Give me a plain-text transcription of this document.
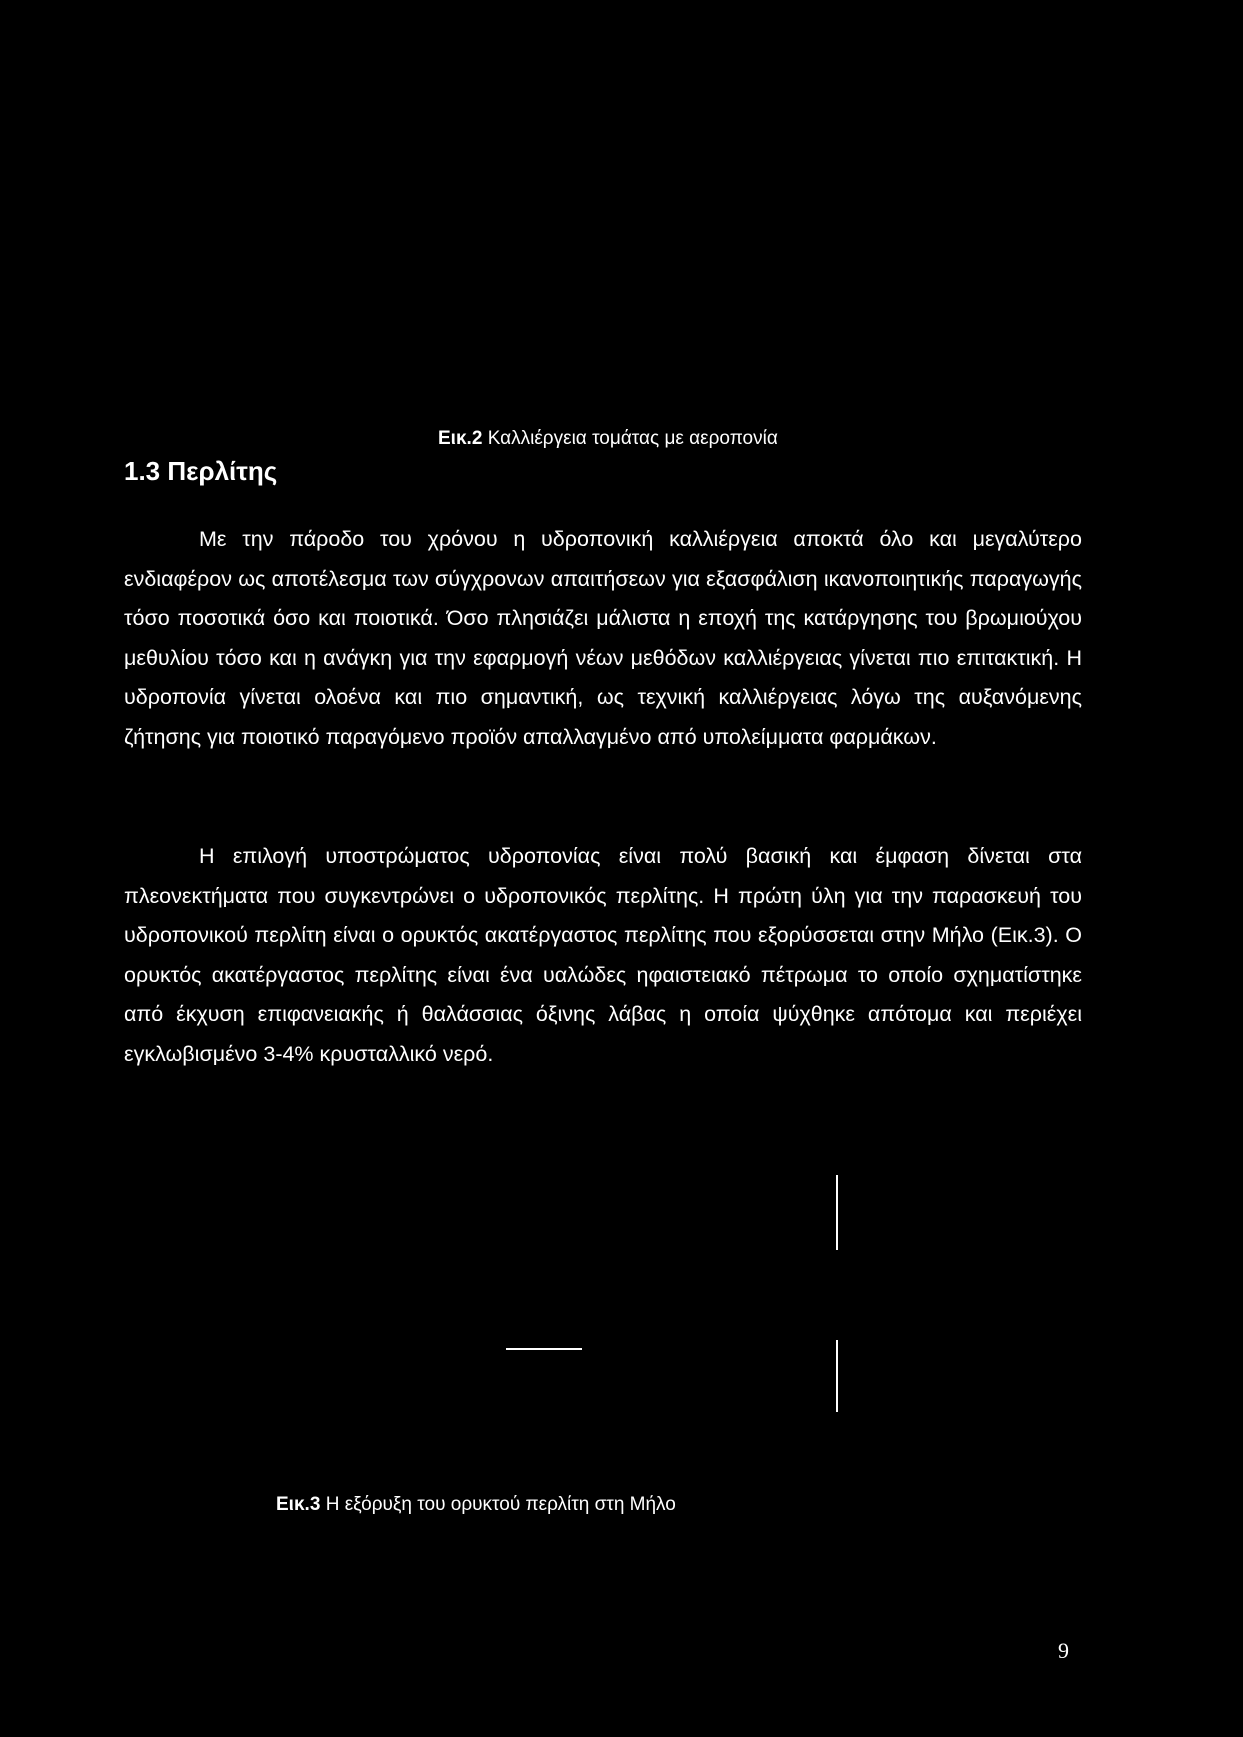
Εικ.2 Καλλιέργεια τομάτας με αεροπονία
1.3 Περλίτης

Με την πάροδο του χρόνου η υδροπονική καλλιέργεια αποκτά όλο και μεγαλύτερο ενδιαφέρον ως αποτέλεσμα των σύγχρονων απαιτήσεων για εξασφάλιση ικανοποιητικής παραγωγής τόσο ποσοτικά όσο και ποιοτικά. Όσο πλησιάζει μάλιστα η εποχή της κατάργησης του βρωμιούχου μεθυλίου τόσο και η ανάγκη για την εφαρμογή νέων μεθόδων καλλιέργειας γίνεται πιο επιτακτική. Η υδροπονία γίνεται ολοένα και πιο σημαντική, ως τεχνική καλλιέργειας λόγω της αυξανόμενης ζήτησης για ποιοτικό παραγόμενο προϊόν απαλλαγμένο από υπολείμματα φαρμάκων.

Η επιλογή υποστρώματος υδροπονίας είναι πολύ βασική και έμφαση δίνεται στα πλεονεκτήματα που συγκεντρώνει ο υδροπονικός περλίτης. Η πρώτη ύλη για την παρασκευή του υδροπονικού περλίτη είναι ο ορυκτός ακατέργαστος περλίτης που εξορύσσεται στην Μήλο (Εικ.3). Ο ορυκτός ακατέργαστος περλίτης είναι ένα υαλώδες ηφαιστειακό πέτρωμα το οποίο σχηματίστηκε από έκχυση επιφανειακής ή θαλάσσιας όξινης λάβας η οποία ψύχθηκε απότομα και περιέχει εγκλωβισμένο 3-4% κρυσταλλικό νερό.

Εικ.3 Η εξόρυξη του ορυκτού περλίτη στη Μήλο
9
